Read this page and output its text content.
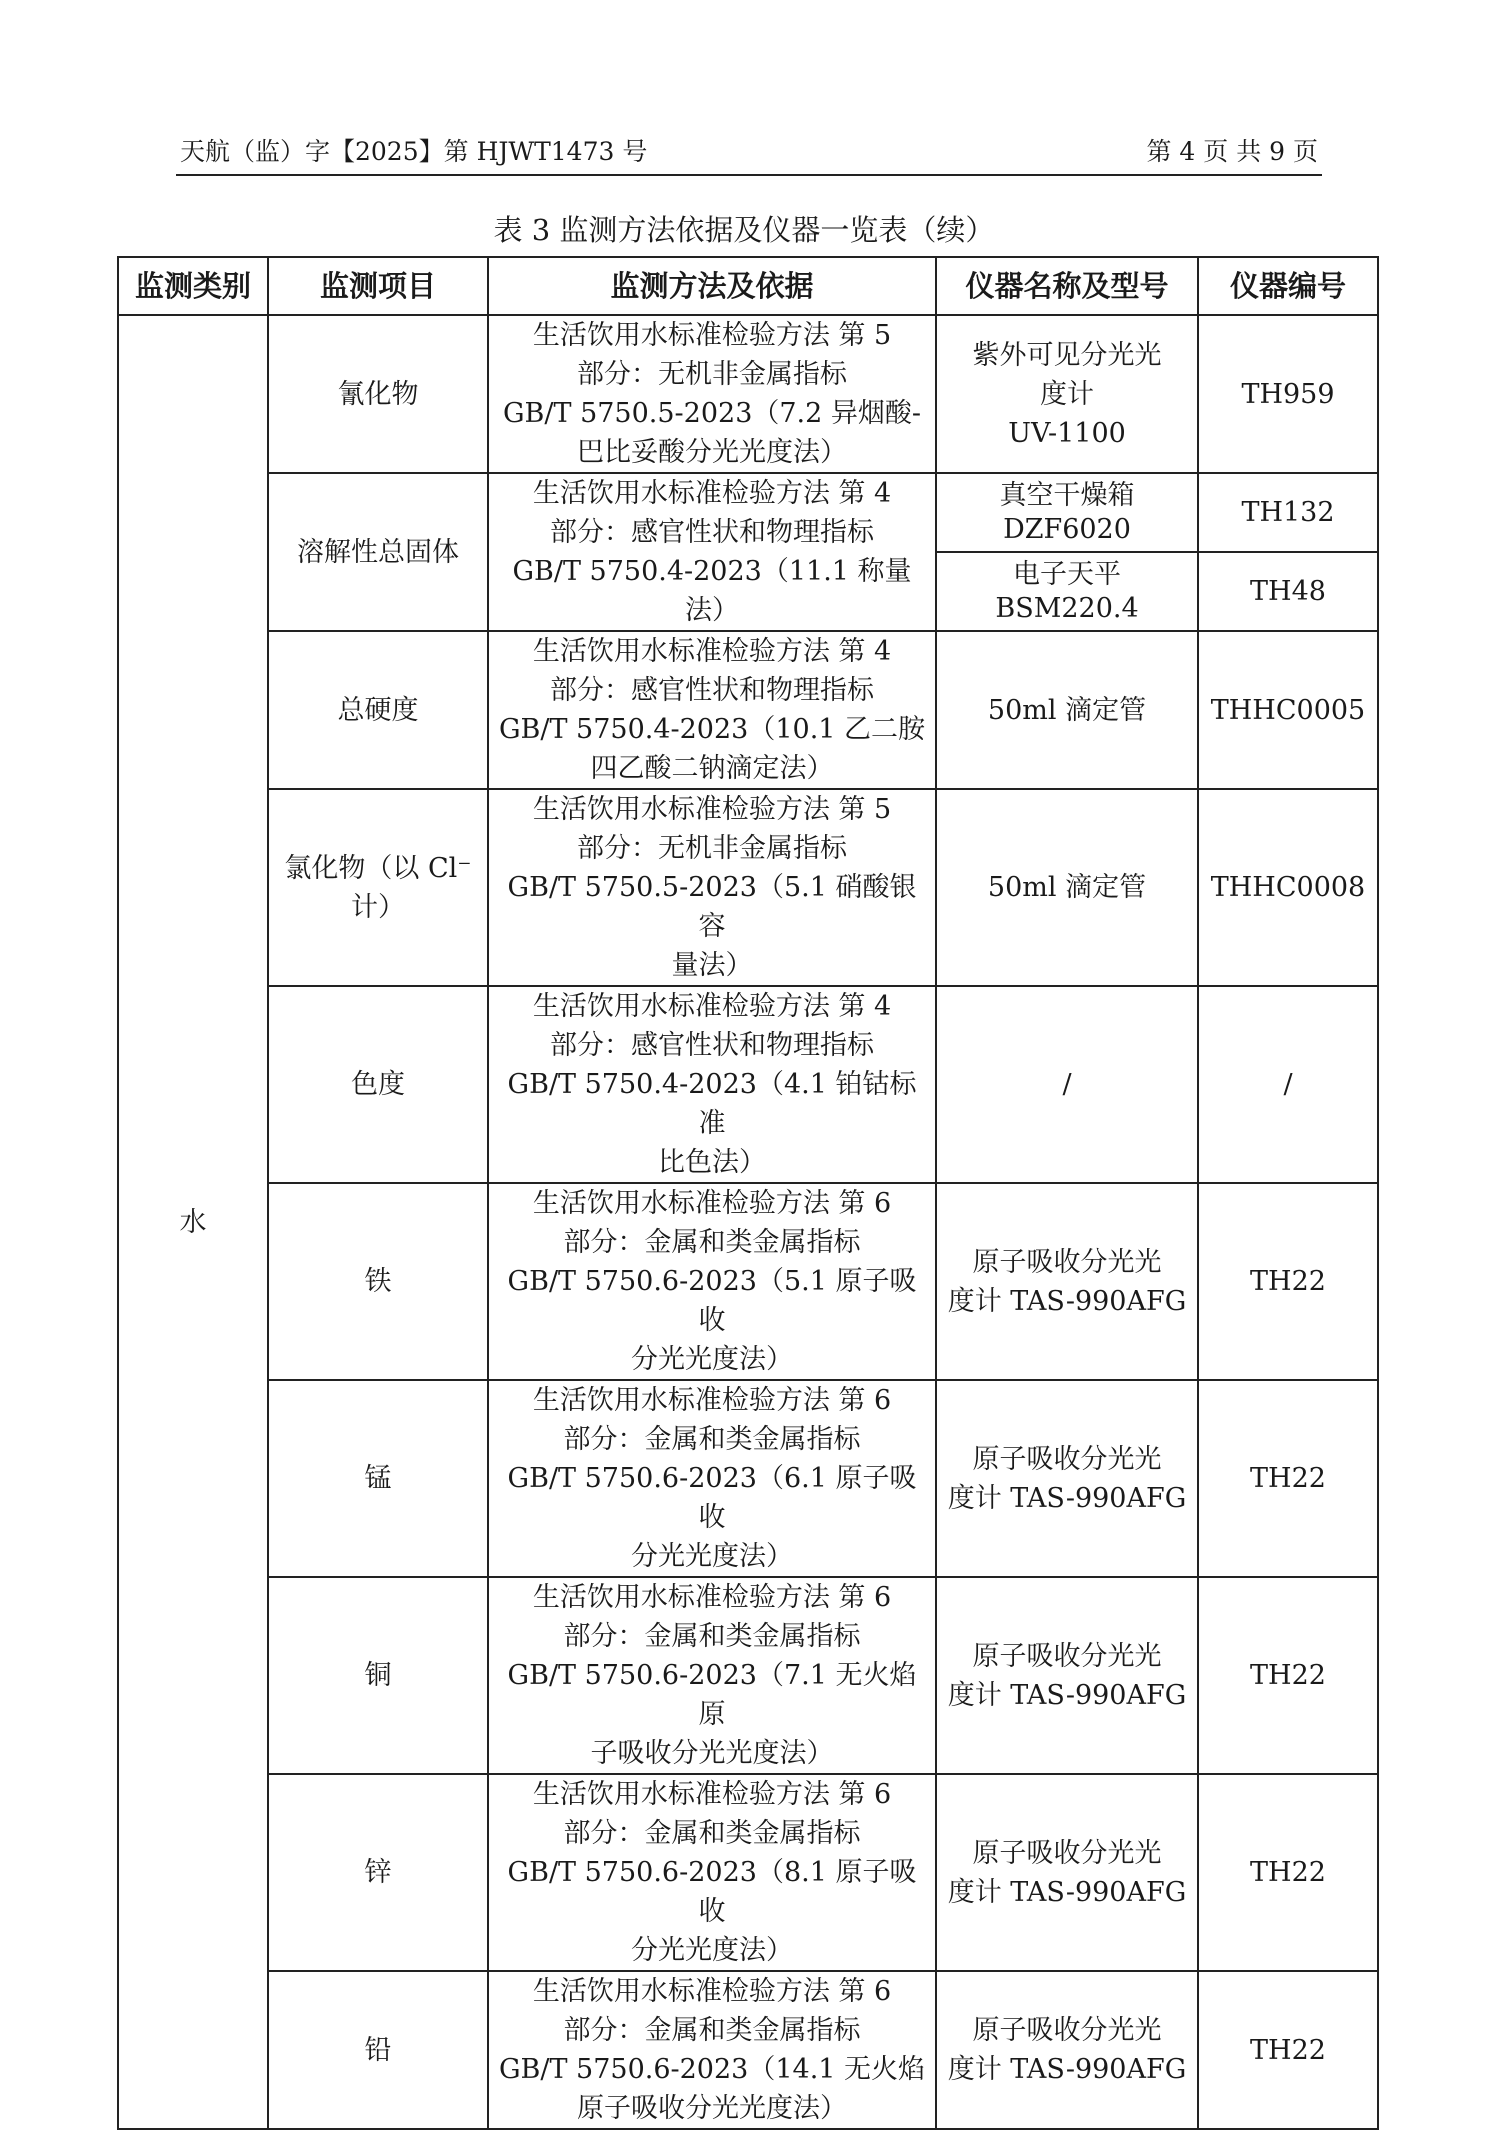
天航（监）字【2025】第 HJWT1473 号	第 4 页 共 9 页
表 3 监测方法依据及仪器一览表（续）
监测类别	监测项目	监测方法及依据	仪器名称及型号	仪器编号
水	氰化物	生活饮用水标准检验方法 第 5
部分：无机非金属指标
GB/T 5750.5-2023（7.2 异烟酸-
巴比妥酸分光光度法）	紫外可见分光光
度计
UV-1100	TH959
	溶解性总固体	生活饮用水标准检验方法 第 4
部分：感官性状和物理指标
GB/T 5750.4-2023（11.1 称量法）	真空干燥箱
DZF6020	TH132
			电子天平
BSM220.4	TH48
	总硬度	生活饮用水标准检验方法 第 4
部分：感官性状和物理指标
GB/T 5750.4-2023（10.1 乙二胺
四乙酸二钠滴定法）	50ml 滴定管	THHC0005
	氯化物（以 Cl⁻
计）	生活饮用水标准检验方法 第 5
部分：无机非金属指标
GB/T 5750.5-2023（5.1 硝酸银容
量法）	50ml 滴定管	THHC0008
	色度	生活饮用水标准检验方法 第 4
部分：感官性状和物理指标
GB/T 5750.4-2023（4.1 铂钴标准
比色法）	/	/
	铁	生活饮用水标准检验方法 第 6
部分：金属和类金属指标
GB/T 5750.6-2023（5.1 原子吸收
分光光度法）	原子吸收分光光
度计 TAS-990AFG	TH22
	锰	生活饮用水标准检验方法 第 6
部分：金属和类金属指标
GB/T 5750.6-2023（6.1 原子吸收
分光光度法）	原子吸收分光光
度计 TAS-990AFG	TH22
	铜	生活饮用水标准检验方法 第 6
部分：金属和类金属指标
GB/T 5750.6-2023（7.1 无火焰原
子吸收分光光度法）	原子吸收分光光
度计 TAS-990AFG	TH22
	锌	生活饮用水标准检验方法 第 6
部分：金属和类金属指标
GB/T 5750.6-2023（8.1 原子吸收
分光光度法）	原子吸收分光光
度计 TAS-990AFG	TH22
	铅	生活饮用水标准检验方法 第 6
部分：金属和类金属指标
GB/T 5750.6-2023（14.1 无火焰
原子吸收分光光度法）	原子吸收分光光
度计 TAS-990AFG	TH22
